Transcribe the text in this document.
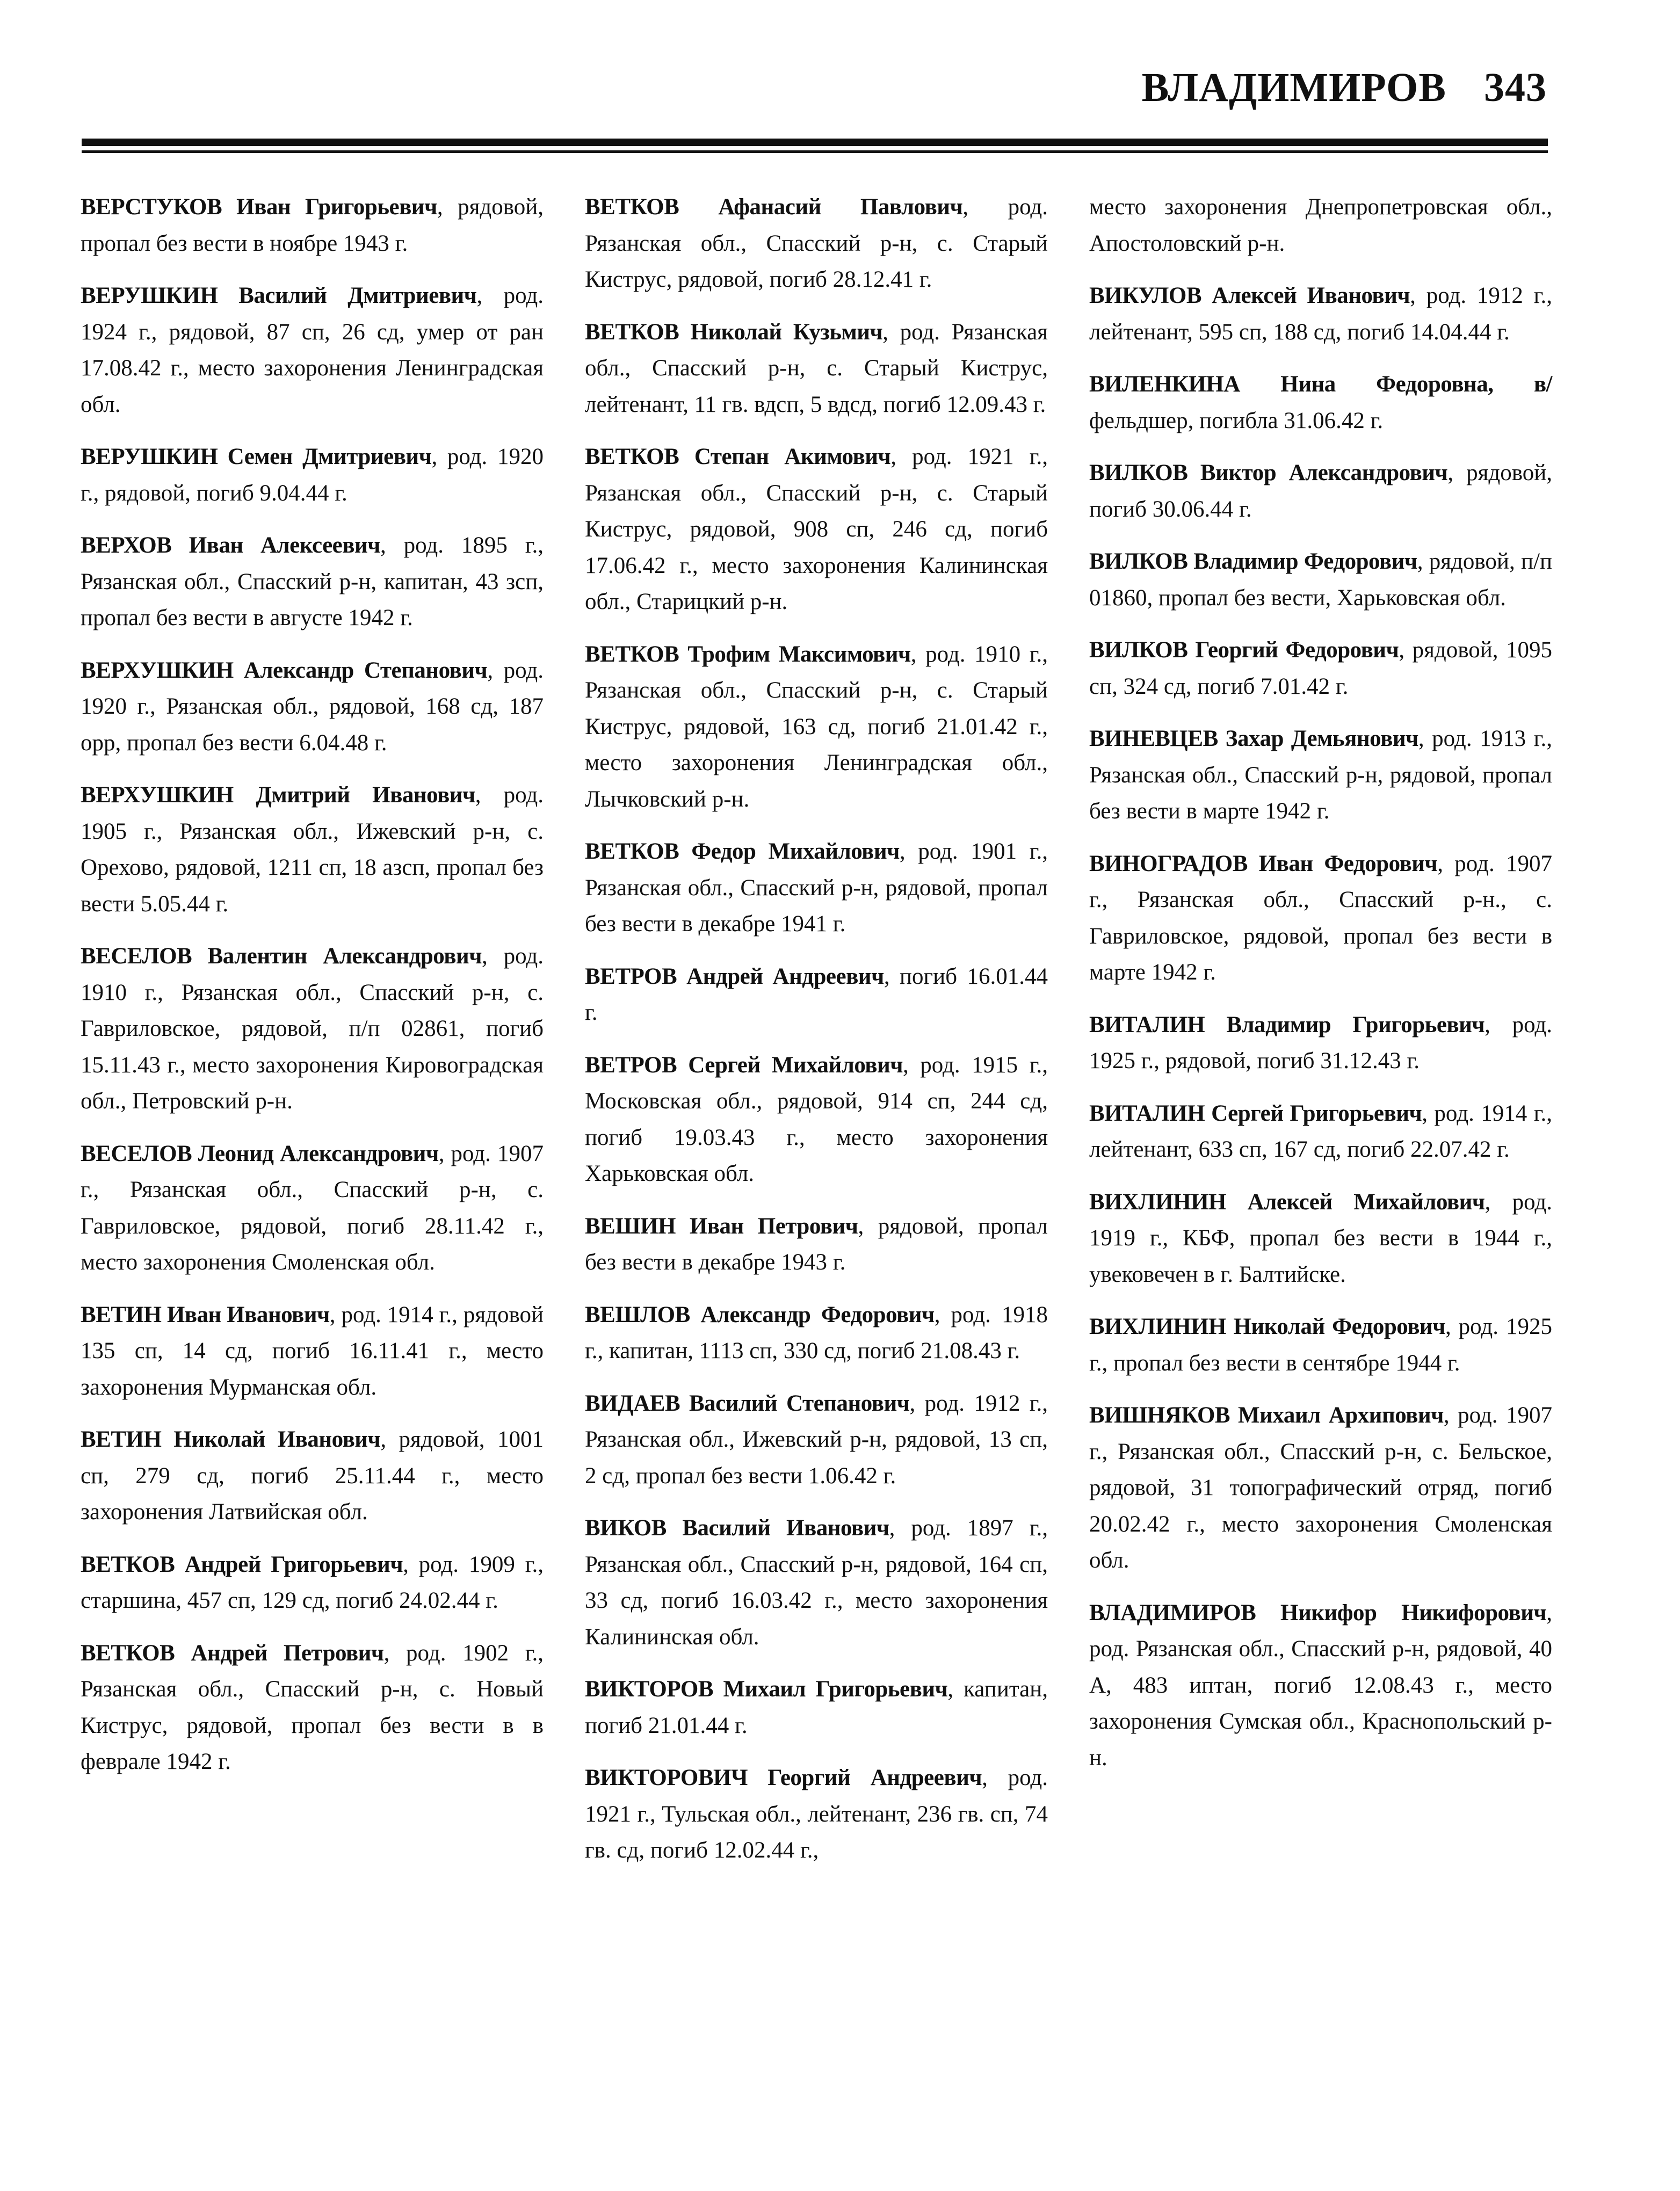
ВЛАДИМИРОВ 343

ВЕРСТУКОВ Иван Григорьевич, рядовой, пропал без вести в ноябре 1943 г.

ВЕРУШКИН Василий Дмитриевич, род. 1924 г., рядовой, 87 сп, 26 сд, умер от ран 17.08.42 г., место захоронения Ленинградская обл.

ВЕРУШКИН Семен Дмитриевич, род. 1920 г., рядовой, погиб 9.04.44 г.

ВЕРХОВ Иван Алексеевич, род. 1895 г., Рязанская обл., Спасский р-н, капитан, 43 зсп, пропал без вести в августе 1942 г.

ВЕРХУШКИН Александр Степанович, род. 1920 г., Рязанская обл., рядовой, 168 сд, 187 орр, пропал без вести 6.04.48 г.

ВЕРХУШКИН Дмитрий Иванович, род. 1905 г., Рязанская обл., Ижевский р-н, с. Орехово, рядовой, 1211 сп, 18 азсп, пропал без вести 5.05.44 г.

ВЕСЕЛОВ Валентин Александрович, род. 1910 г., Рязанская обл., Спасский р-н, с. Гавриловское, рядовой, п/п 02861, погиб 15.11.43 г., место захоронения Кировоградская обл., Петровский р-н.

ВЕСЕЛОВ Леонид Александрович, род. 1907 г., Рязанская обл., Спасский р-н, с. Гавриловское, рядовой, погиб 28.11.42 г., место захоронения Смоленская обл.

ВЕТИН Иван Иванович, род. 1914 г., рядовой 135 сп, 14 сд, погиб 16.11.41 г., место захоронения Мурманская обл.

ВЕТИН Николай Иванович, рядовой, 1001 сп, 279 сд, погиб 25.11.44 г., место захоронения Латвийская обл.

ВЕТКОВ Андрей Григорьевич, род. 1909 г., старшина, 457 сп, 129 сд, погиб 24.02.44 г.

ВЕТКОВ Андрей Петрович, род. 1902 г., Рязанская обл., Спасский р-н, с. Новый Киструс, рядовой, пропал без вести в в феврале 1942 г.

ВЕТКОВ Афанасий Павлович, род. Рязанская обл., Спасский р-н, с. Старый Киструс, рядовой, погиб 28.12.41 г.

ВЕТКОВ Николай Кузьмич, род. Рязанская обл., Спасский р-н, с. Старый Киструс, лейтенант, 11 гв. вдсп, 5 вдсд, погиб 12.09.43 г.

ВЕТКОВ Степан Акимович, род. 1921 г., Рязанская обл., Спасский р-н, с. Старый Киструс, рядовой, 908 сп, 246 сд, погиб 17.06.42 г., место захоронения Калининская обл., Старицкий р-н.

ВЕТКОВ Трофим Максимович, род. 1910 г., Рязанская обл., Спасский р-н, с. Старый Киструс, рядовой, 163 сд, погиб 21.01.42 г., место захоронения Ленинградская обл., Лычковский р-н.

ВЕТКОВ Федор Михайлович, род. 1901 г., Рязанская обл., Спасский р-н, рядовой, пропал без вести в декабре 1941 г.

ВЕТРОВ Андрей Андреевич, погиб 16.01.44 г.

ВЕТРОВ Сергей Михайлович, род. 1915 г., Московская обл., рядовой, 914 сп, 244 сд, погиб 19.03.43 г., место захоронения Харьковская обл.

ВЕШИН Иван Петрович, рядовой, пропал без вести в декабре 1943 г.

ВЕШЛОВ Александр Федорович, род. 1918 г., капитан, 1113 сп, 330 сд, погиб 21.08.43 г.

ВИДАЕВ Василий Степанович, род. 1912 г., Рязанская обл., Ижевский р-н, рядовой, 13 сп, 2 сд, пропал без вести 1.06.42 г.

ВИКОВ Василий Иванович, род. 1897 г., Рязанская обл., Спасский р-н, рядовой, 164 сп, 33 сд, погиб 16.03.42 г., место захоронения Калининская обл.

ВИКТОРОВ Михаил Григорьевич, капитан, погиб 21.01.44 г.

ВИКТОРОВИЧ Георгий Андреевич, род. 1921 г., Тульская обл., лейтенант, 236 гв. сп, 74 гв. сд, погиб 12.02.44 г.,

место захоронения Днепропетровская обл., Апостоловский р-н.

ВИКУЛОВ Алексей Иванович, род. 1912 г., лейтенант, 595 сп, 188 сд, погиб 14.04.44 г.

ВИЛЕНКИНА Нина Федоровна, в/ фельдшер, погибла 31.06.42 г.

ВИЛКОВ Виктор Александрович, рядовой, погиб 30.06.44 г.

ВИЛКОВ Владимир Федорович, рядовой, п/п 01860, пропал без вести, Харьковская обл.

ВИЛКОВ Георгий Федорович, рядовой, 1095 сп, 324 сд, погиб 7.01.42 г.

ВИНЕВЦЕВ Захар Демьянович, род. 1913 г., Рязанская обл., Спасский р-н, рядовой, пропал без вести в марте 1942 г.

ВИНОГРАДОВ Иван Федорович, род. 1907 г., Рязанская обл., Спасский р-н., с. Гавриловское, рядовой, пропал без вести в марте 1942 г.

ВИТАЛИН Владимир Григорьевич, род. 1925 г., рядовой, погиб 31.12.43 г.

ВИТАЛИН Сергей Григорьевич, род. 1914 г., лейтенант, 633 сп, 167 сд, погиб 22.07.42 г.

ВИХЛИНИН Алексей Михайлович, род. 1919 г., КБФ, пропал без вести в 1944 г., увековечен в г. Балтийске.

ВИХЛИНИН Николай Федорович, род. 1925 г., пропал без вести в сентябре 1944 г.

ВИШНЯКОВ Михаил Архипович, род. 1907 г., Рязанская обл., Спасский р-н, с. Бельское, рядовой, 31 топографический отряд, погиб 20.02.42 г., место захоронения Смоленская обл.

ВЛАДИМИРОВ Никифор Никифорович, род. Рязанская обл., Спасский р-н, рядовой, 40 А, 483 иптан, погиб 12.08.43 г., место захоронения Сумская обл., Краснопольский р-н.
